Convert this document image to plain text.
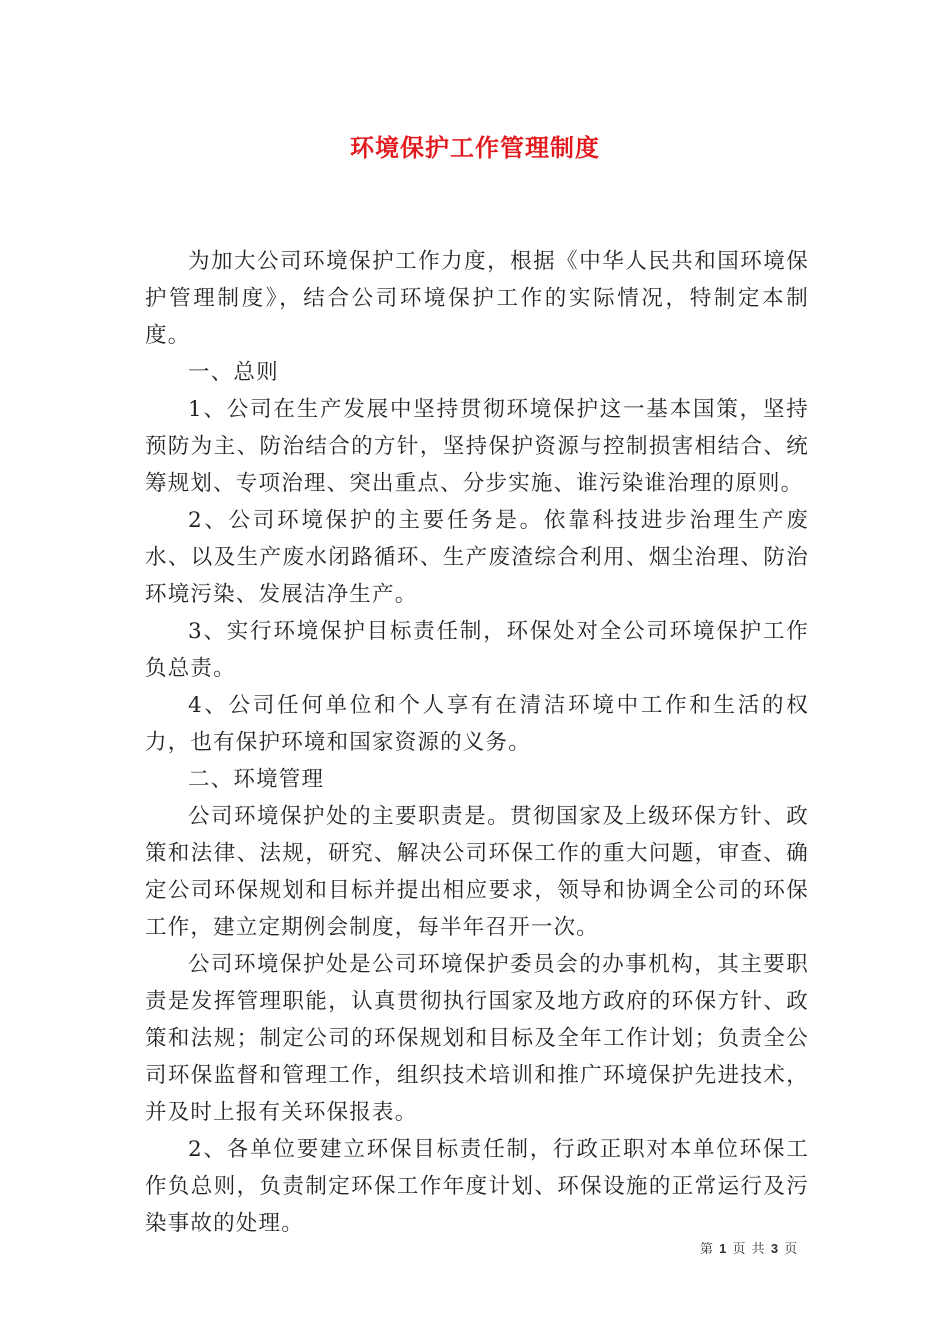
环境保护工作管理制度

为加大公司环境保护工作力度，根据《中华人民共和国环境保护管理制度》，结合公司环境保护工作的实际情况，特制定本制度。

一、总则

1、公司在生产发展中坚持贯彻环境保护这一基本国策，坚持预防为主、防治结合的方针，坚持保护资源与控制损害相结合、统筹规划、专项治理、突出重点、分步实施、谁污染谁治理的原则。

2、公司环境保护的主要任务是。依靠科技进步治理生产废水、以及生产废水闭路循环、生产废渣综合利用、烟尘治理、防治环境污染、发展洁净生产。

3、实行环境保护目标责任制，环保处对全公司环境保护工作负总责。

4、公司任何单位和个人享有在清洁环境中工作和生活的权力，也有保护环境和国家资源的义务。

二、环境管理

公司环境保护处的主要职责是。贯彻国家及上级环保方针、政策和法律、法规，研究、解决公司环保工作的重大问题，审查、确定公司环保规划和目标并提出相应要求，领导和协调全公司的环保工作，建立定期例会制度，每半年召开一次。

公司环境保护处是公司环境保护委员会的办事机构，其主要职责是发挥管理职能，认真贯彻执行国家及地方政府的环保方针、政策和法规；制定公司的环保规划和目标及全年工作计划；负责全公司环保监督和管理工作，组织技术培训和推广环境保护先进技术，并及时上报有关环保报表。

2、各单位要建立环保目标责任制，行政正职对本单位环保工作负总则，负责制定环保工作年度计划、环保设施的正常运行及污染事故的处理。

第 1 页 共 3 页
